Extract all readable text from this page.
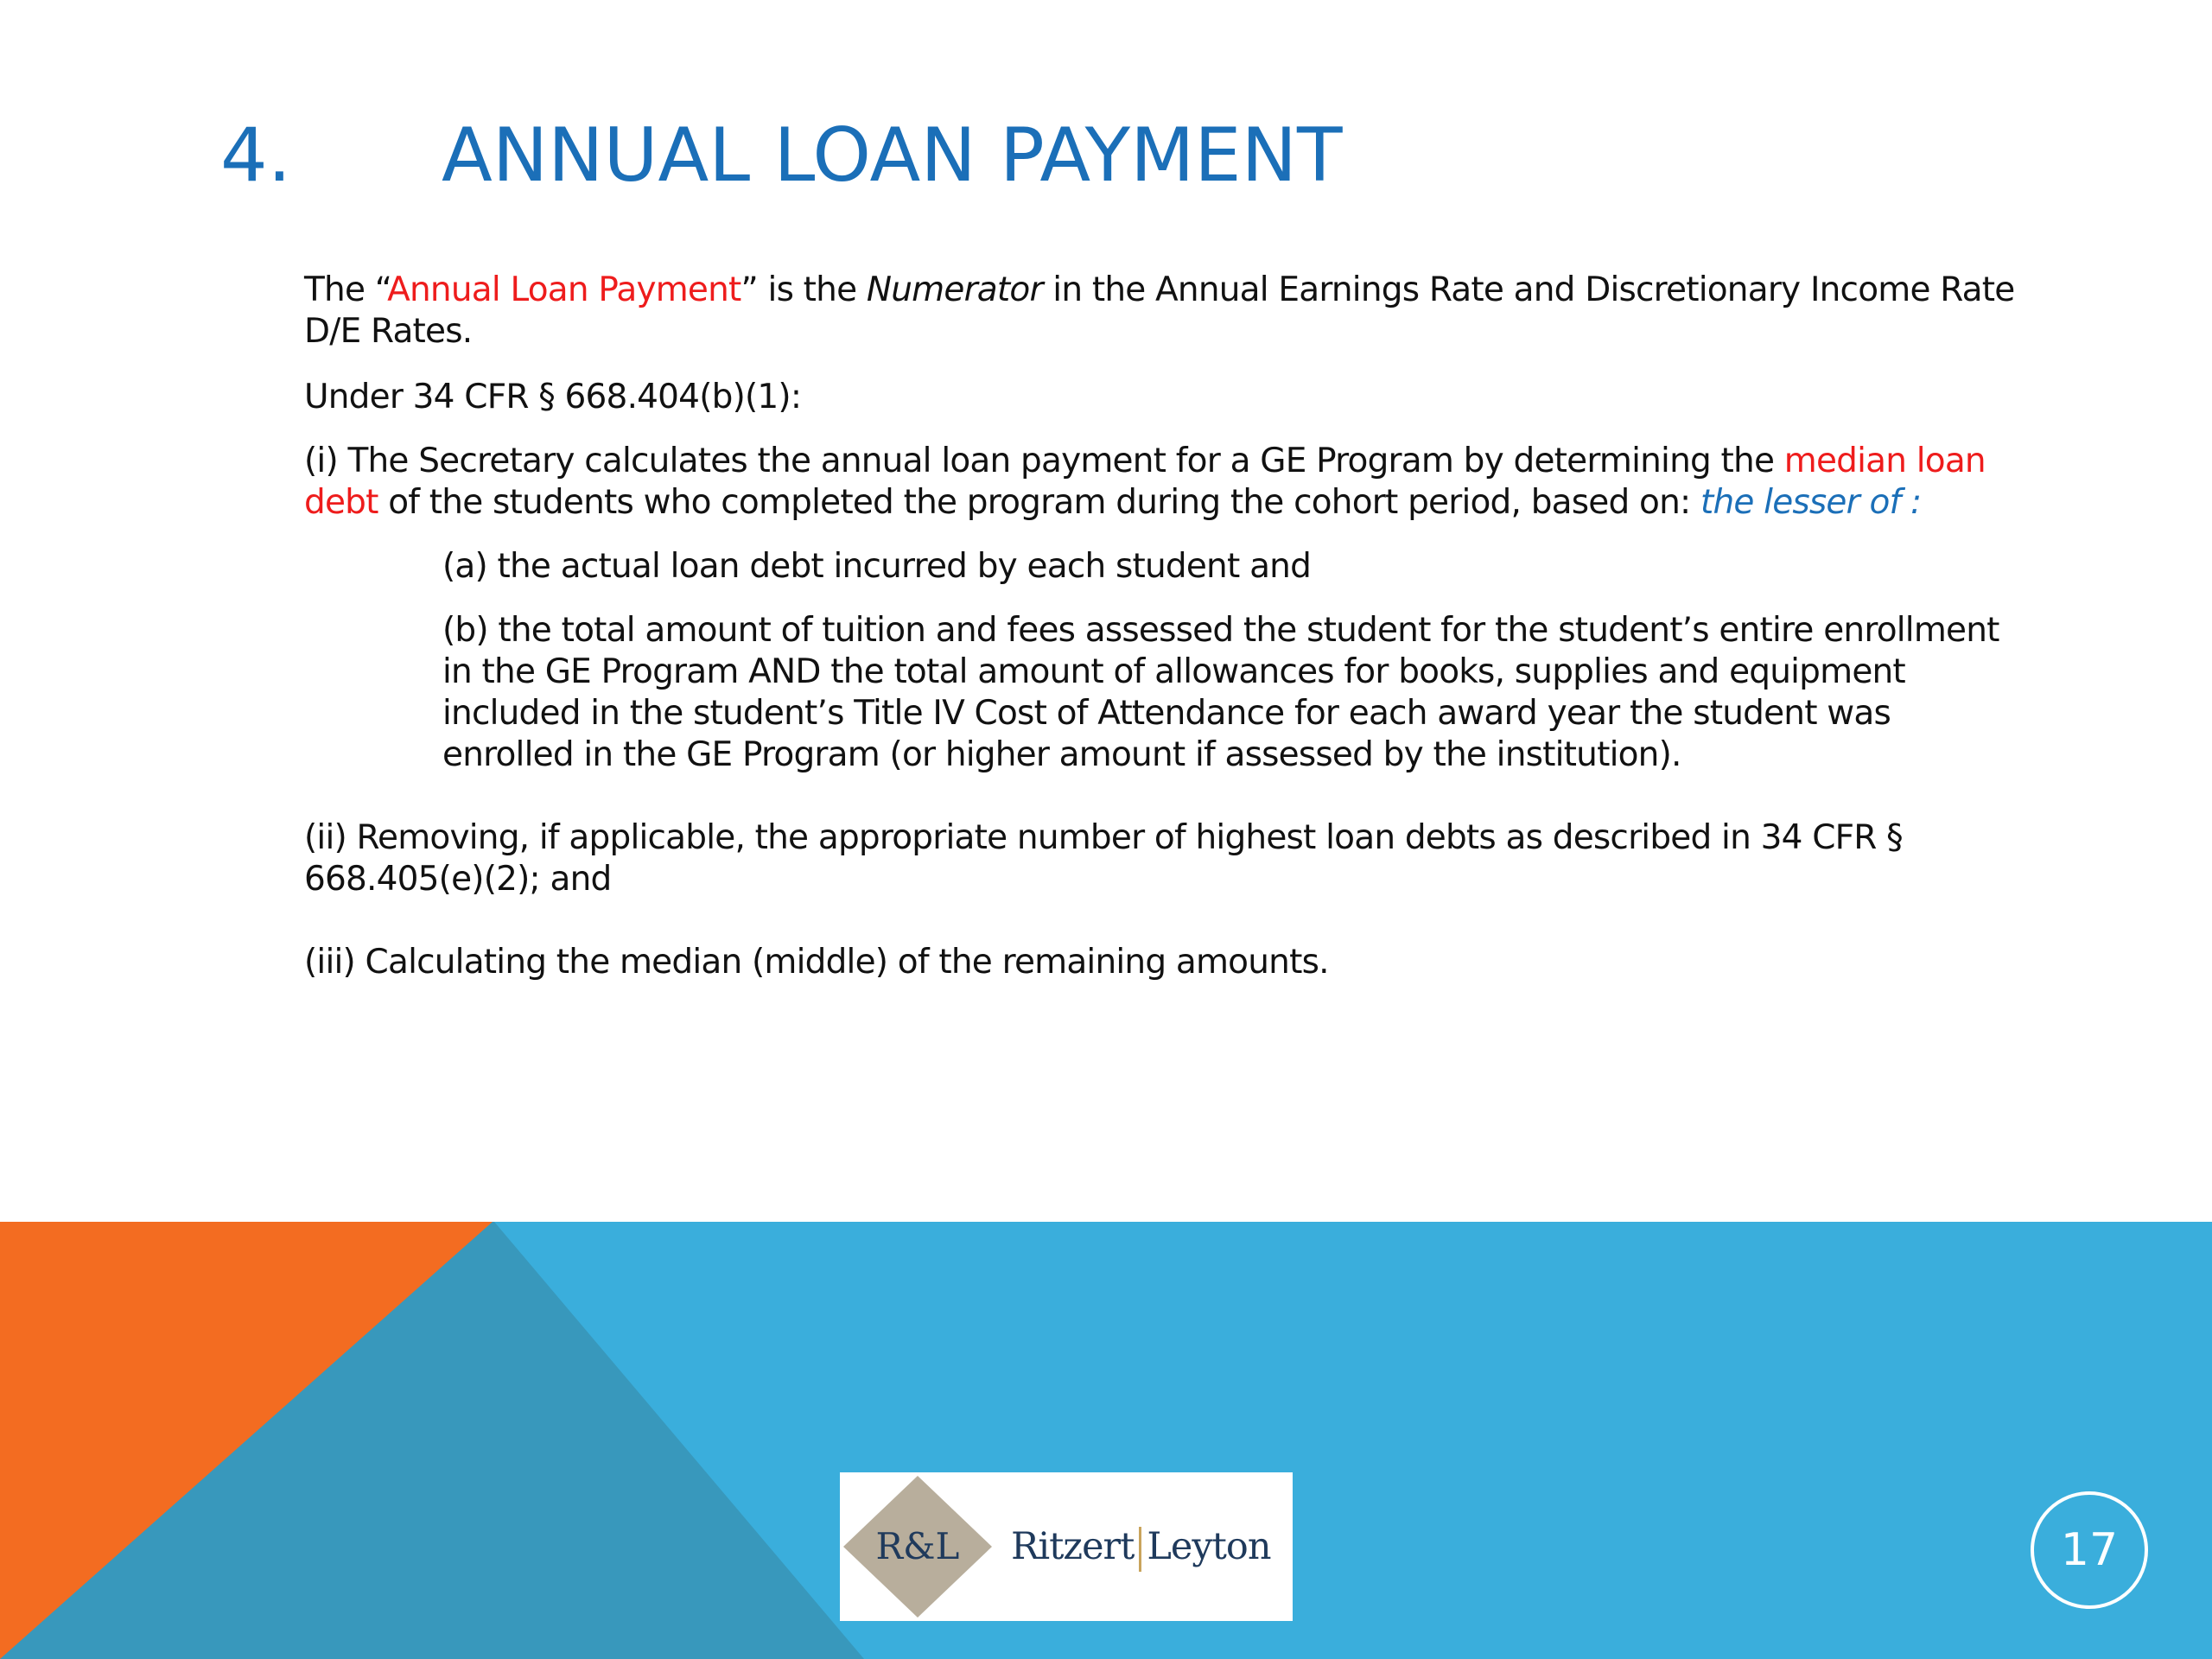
4. ANNUAL LOAN PAYMENT

The “Annual Loan Payment” is the Numerator in the Annual Earnings Rate and Discretionary Income Rate D/E Rates.

Under 34 CFR § 668.404(b)(1):

(i) The Secretary calculates the annual loan payment for a GE Program by determining the median loan debt of the students who completed the program during the cohort period, based on: the lesser of :

(a) the actual loan debt incurred by each student and

(b) the total amount of tuition and fees assessed the student for the student’s entire enrollment in the GE Program AND the total amount of allowances for books, supplies and equipment included in the student’s Title IV Cost of Attendance for each award year the student was enrolled in the GE Program (or higher amount if assessed by the institution).

(ii) Removing, if applicable, the appropriate number of highest loan debts as described in 34 CFR § 668.405(e)(2); and

(iii) Calculating the median (middle) of the remaining amounts.

R&L	Ritzert Leyton	17
